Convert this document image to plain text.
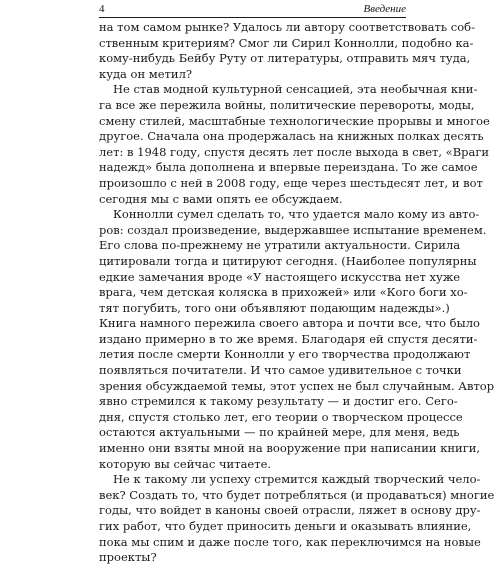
4	Введение
на том самом рынке? Удалось ли автору соответствовать соб-
ственным критериям? Смог ли Сирил Коннолли, подобно ка-
кому-нибудь Бейбу Руту от литературы, отправить мяч туда,
куда он метил?
Не став модной культурной сенсацией, эта необычная кни-
га все же пережила войны, политические перевороты, моды,
смену стилей, масштабные технологические прорывы и многое
другое. Сначала она продержалась на книжных полках десять
лет: в 1948 году, спустя десять лет после выхода в свет, «Враги
надежд» была дополнена и впервые переиздана. То же самое
произошло с ней в 2008 году, еще через шестьдесят лет, и вот
сегодня мы с вами опять ее обсуждаем.
Коннолли сумел сделать то, что удается мало кому из авто-
ров: создал произведение, выдержавшее испытание временем.
Его слова по-прежнему не утратили актуальности. Сирила
цитировали тогда и цитируют сегодня. (Наиболее популярны
едкие замечания вроде «У настоящего искусства нет хуже
врага, чем детская коляска в прихожей» или «Кого боги хо-
тят погубить, того они объявляют подающим надежды».)
Книга намного пережила своего автора и почти все, что было
издано примерно в то же время. Благодаря ей спустя десяти-
летия после смерти Коннолли у его творчества продолжают
появляться почитатели. И что самое удивительное с точки
зрения обсуждаемой темы, этот успех не был случайным. Автор
явно стремился к такому результату — и достиг его. Сего-
дня, спустя столько лет, его теории о творческом процессе
остаются актуальными — по крайней мере, для меня, ведь
именно они взяты мной на вооружение при написании книги,
которую вы сейчас читаете.
Не к такому ли успеху стремится каждый творческий чело-
век? Создать то, что будет потребляться (и продаваться) многие
годы, что войдет в каноны своей отрасли, ляжет в основу дру-
гих работ, что будет приносить деньги и оказывать влияние,
пока мы спим и даже после того, как переключимся на новые
проекты?
